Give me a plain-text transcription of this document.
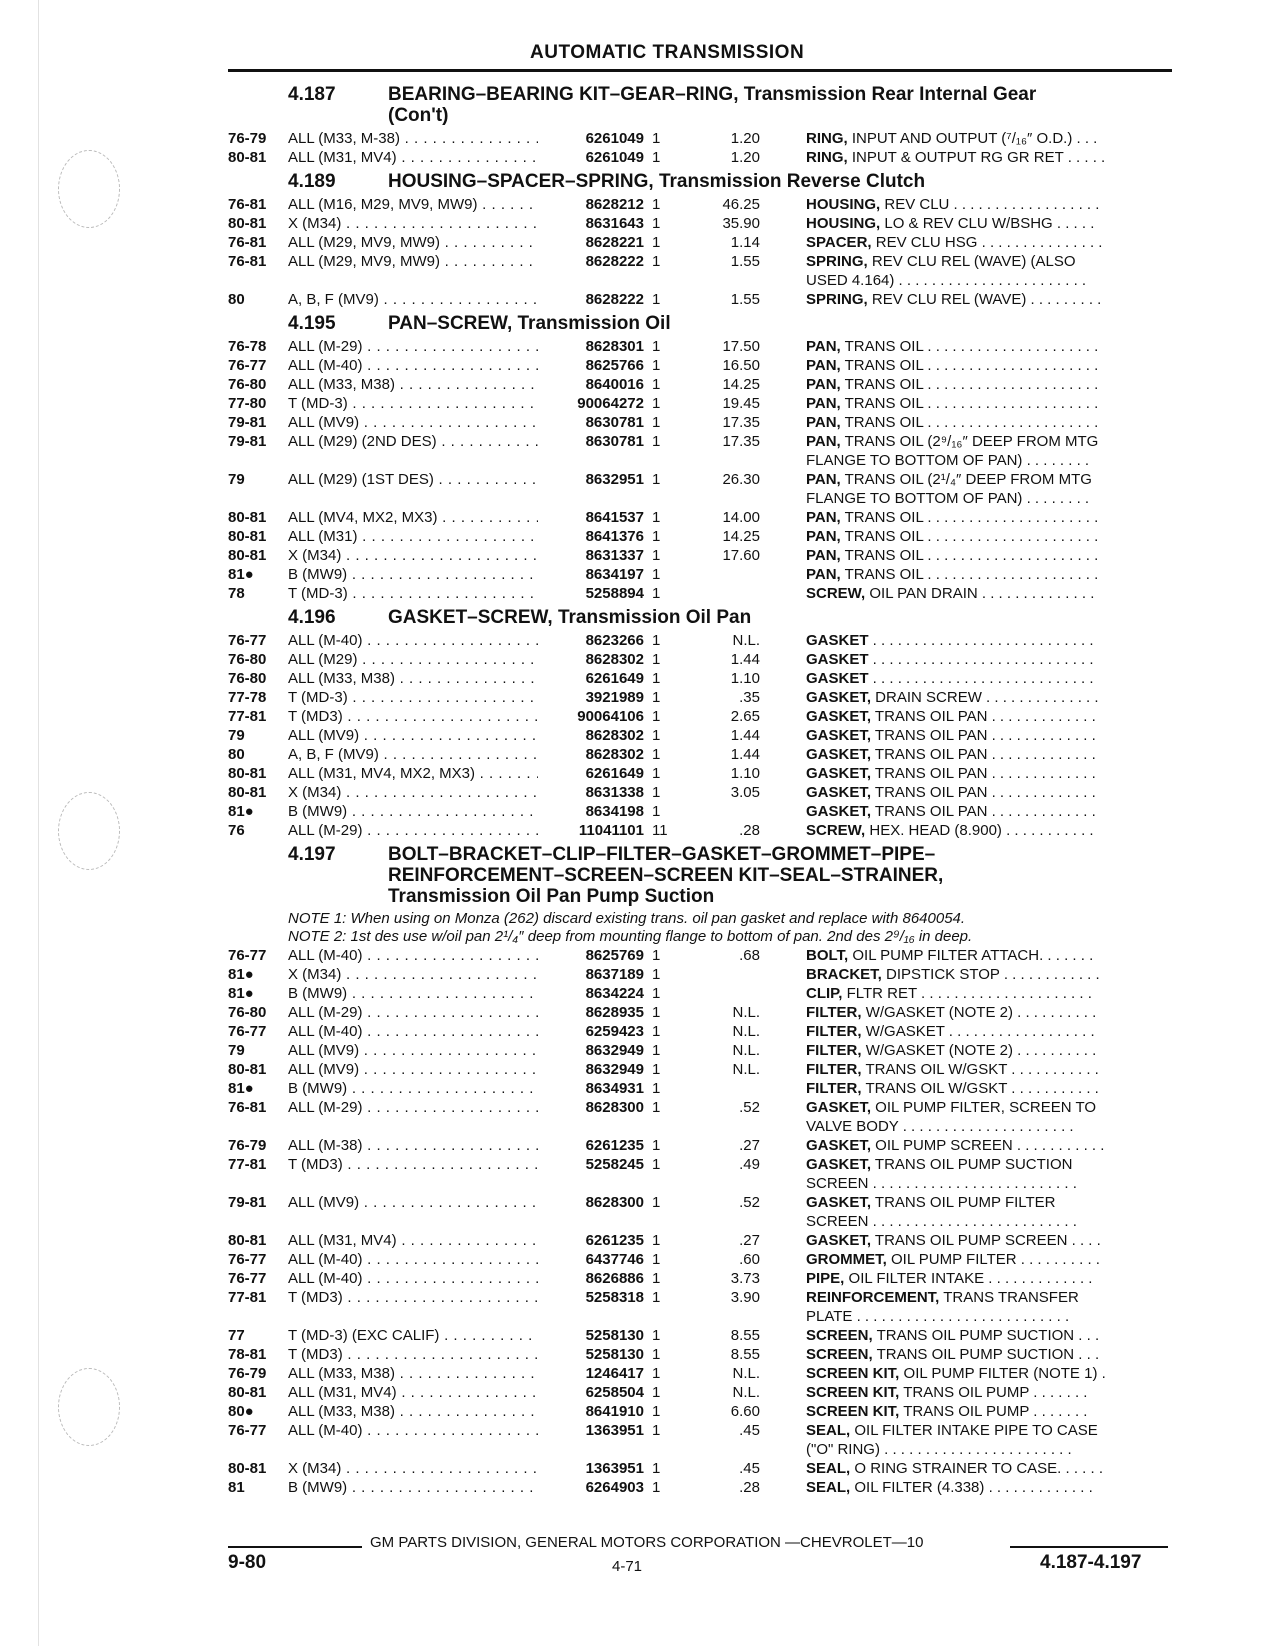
AUTOMATIC TRANSMISSION
4.187	BEARING–BEARING KIT–GEAR–RING, Transmission Rear Internal Gear
(Con't)
76-79	ALL (M33, M-38) . . .	6261049 1	1.20	RING, INPUT AND OUTPUT (⁷/₁₆″ O.D.) . . .
80-81	ALL (M31, MV4) . . .	6261049 1	1.20	RING, INPUT & OUTPUT RG GR RET . . . . .
4.189	HOUSING–SPACER–SPRING, Transmission Reverse Clutch
76-81	ALL (M16, M29, MV9, MW9) . . .	8628212 1	46.25	HOUSING, REV CLU . . . . . . . . . . . . . . . . . .
80-81	X (M34) . . .	8631643 1	35.90	HOUSING, LO & REV CLU W/BSHG . . . . .
76-81	ALL (M29, MV9, MW9) . . .	8628221 1	1.14	SPACER, REV CLU HSG . . . . . . . . . . . . . . .
76-81	ALL (M29, MV9, MW9) . . .	8628222 1	1.55	SPRING, REV CLU REL (WAVE) (ALSO
USED 4.164) . . . . . . . . . . . . . . . . . . . . . . .
80	A, B, F (MV9) . . .	8628222 1	1.55	SPRING, REV CLU REL (WAVE) . . . . . . . . .
4.195	PAN–SCREW, Transmission Oil
76-78	ALL (M-29) . . .	8628301 1	17.50	PAN, TRANS OIL . . . . . . . . . . . . . . . . . . . . .
76-77	ALL (M-40) . . .	8625766 1	16.50	PAN, TRANS OIL . . . . . . . . . . . . . . . . . . . . .
76-80	ALL (M33, M38) . . .	8640016 1	14.25	PAN, TRANS OIL . . . . . . . . . . . . . . . . . . . . .
77-80	T (MD-3) . . .	90064272 1	19.45	PAN, TRANS OIL . . . . . . . . . . . . . . . . . . . . .
79-81	ALL (MV9) . . .	8630781 1	17.35	PAN, TRANS OIL . . . . . . . . . . . . . . . . . . . . .
79-81	ALL (M29) (2ND DES) . . .	8630781 1	17.35	PAN, TRANS OIL (2⁹/₁₆″ DEEP FROM MTG
FLANGE TO BOTTOM OF PAN) . . . . . . . .
79	ALL (M29) (1ST DES) . . .	8632951 1	26.30	PAN, TRANS OIL (2¹/₄″ DEEP FROM MTG
FLANGE TO BOTTOM OF PAN) . . . . . . . .
80-81	ALL (MV4, MX2, MX3) . . .	8641537 1	14.00	PAN, TRANS OIL . . . . . . . . . . . . . . . . . . . . .
80-81	ALL (M31) . . .	8641376 1	14.25	PAN, TRANS OIL . . . . . . . . . . . . . . . . . . . . .
80-81	X (M34) . . .	8631337 1	17.60	PAN, TRANS OIL . . . . . . . . . . . . . . . . . . . . .
81●	B (MW9) . . .	8634197 1	PAN, TRANS OIL . . . . . . . . . . . . . . . . . . . . .
78	T (MD-3) . . .	5258894 1	SCREW, OIL PAN DRAIN . . . . . . . . . . . . . .
4.196	GASKET–SCREW, Transmission Oil Pan
76-77	ALL (M-40) . . .	8623266 1	N.L.	GASKET . . . . . . . . . . . . . . . . . . . . . . . . . . .
76-80	ALL (M29) . . .	8628302 1	1.44	GASKET . . . . . . . . . . . . . . . . . . . . . . . . . . .
76-80	ALL (M33, M38) . . .	6261649 1	1.10	GASKET . . . . . . . . . . . . . . . . . . . . . . . . . . .
77-78	T (MD-3) . . .	3921989 1	.35	GASKET, DRAIN SCREW . . . . . . . . . . . . . .
77-81	T (MD3) . . .	90064106 1	2.65	GASKET, TRANS OIL PAN . . . . . . . . . . . . .
79	ALL (MV9) . . .	8628302 1	1.44	GASKET, TRANS OIL PAN . . . . . . . . . . . . .
80	A, B, F (MV9) . . .	8628302 1	1.44	GASKET, TRANS OIL PAN . . . . . . . . . . . . .
80-81	ALL (M31, MV4, MX2, MX3) . . .	6261649 1	1.10	GASKET, TRANS OIL PAN . . . . . . . . . . . . .
80-81	X (M34) . . .	8631338 1	3.05	GASKET, TRANS OIL PAN . . . . . . . . . . . . .
81●	B (MW9) . . .	8634198 1	GASKET, TRANS OIL PAN . . . . . . . . . . . . .
76	ALL (M-29) . . .	11041101 11	.28	SCREW, HEX. HEAD (8.900) . . . . . . . . . . .
4.197	BOLT–BRACKET–CLIP–FILTER–GASKET–GROMMET–PIPE–
REINFORCEMENT–SCREEN–SCREEN KIT–SEAL–STRAINER,
Transmission Oil Pan Pump Suction
NOTE 1: When using on Monza (262) discard existing trans. oil pan gasket and replace with 8640054.
NOTE 2: 1st des use w/oil pan 2¹/₄″ deep from mounting flange to bottom of pan. 2nd des 2⁹/₁₆ in deep.
76-77	ALL (M-40) . . .	8625769 1	.68	BOLT, OIL PUMP FILTER ATTACH. . . . . . .
81●	X (M34) . . .	8637189 1	BRACKET, DIPSTICK STOP . . . . . . . . . . . .
81●	B (MW9) . . .	8634224 1	CLIP, FLTR RET . . . . . . . . . . . . . . . . . . . . .
76-80	ALL (M-29) . . .	8628935 1	N.L.	FILTER, W/GASKET (NOTE 2) . . . . . . . . . .
76-77	ALL (M-40) . . .	6259423 1	N.L.	FILTER, W/GASKET . . . . . . . . . . . . . . . . . .
79	ALL (MV9) . . .	8632949 1	N.L.	FILTER, W/GASKET (NOTE 2) . . . . . . . . . .
80-81	ALL (MV9) . . .	8632949 1	N.L.	FILTER, TRANS OIL W/GSKT . . . . . . . . . . .
81●	B (MW9) . . .	8634931 1	FILTER, TRANS OIL W/GSKT . . . . . . . . . . .
76-81	ALL (M-29) . . .	8628300 1	.52	GASKET, OIL PUMP FILTER, SCREEN TO
VALVE BODY . . . . . . . . . . . . . . . . . . . . .
76-79	ALL (M-38) . . .	6261235 1	.27	GASKET, OIL PUMP SCREEN . . . . . . . . . . .
77-81	T (MD3) . . .	5258245 1	.49	GASKET, TRANS OIL PUMP SUCTION
SCREEN . . . . . . . . . . . . . . . . . . . . . . . . .
79-81	ALL (MV9) . . .	8628300 1	.52	GASKET, TRANS OIL PUMP FILTER
SCREEN . . . . . . . . . . . . . . . . . . . . . . . . .
80-81	ALL (M31, MV4) . . .	6261235 1	.27	GASKET, TRANS OIL PUMP SCREEN . . . .
76-77	ALL (M-40) . . .	6437746 1	.60	GROMMET, OIL PUMP FILTER . . . . . . . . . .
76-77	ALL (M-40) . . .	8626886 1	3.73	PIPE, OIL FILTER INTAKE . . . . . . . . . . . . .
77-81	T (MD3) . . .	5258318 1	3.90	REINFORCEMENT, TRANS TRANSFER
PLATE . . . . . . . . . . . . . . . . . . . . . . . . . .
77	T (MD-3) (EXC CALIF) . . .	5258130 1	8.55	SCREEN, TRANS OIL PUMP SUCTION . . .
78-81	T (MD3) . . .	5258130 1	8.55	SCREEN, TRANS OIL PUMP SUCTION . . .
76-79	ALL (M33, M38) . . .	1246417 1	N.L.	SCREEN KIT, OIL PUMP FILTER (NOTE 1) .
80-81	ALL (M31, MV4) . . .	6258504 1	N.L.	SCREEN KIT, TRANS OIL PUMP . . . . . . .
80●	ALL (M33, M38) . . .	8641910 1	6.60	SCREEN KIT, TRANS OIL PUMP . . . . . . .
76-77	ALL (M-40) . . .	1363951 1	.45	SEAL, OIL FILTER INTAKE PIPE TO CASE
("O" RING) . . . . . . . . . . . . . . . . . . . . . . .
80-81	X (M34) . . .	1363951 1	.45	SEAL, O RING STRAINER TO CASE. . . . . .
81	B (MW9) . . .	6264903 1	.28	SEAL, OIL FILTER (4.338) . . . . . . . . . . . . .
GM PARTS DIVISION, GENERAL MOTORS CORPORATION —CHEVROLET—10
9-80	4-71	4.187-4.197
